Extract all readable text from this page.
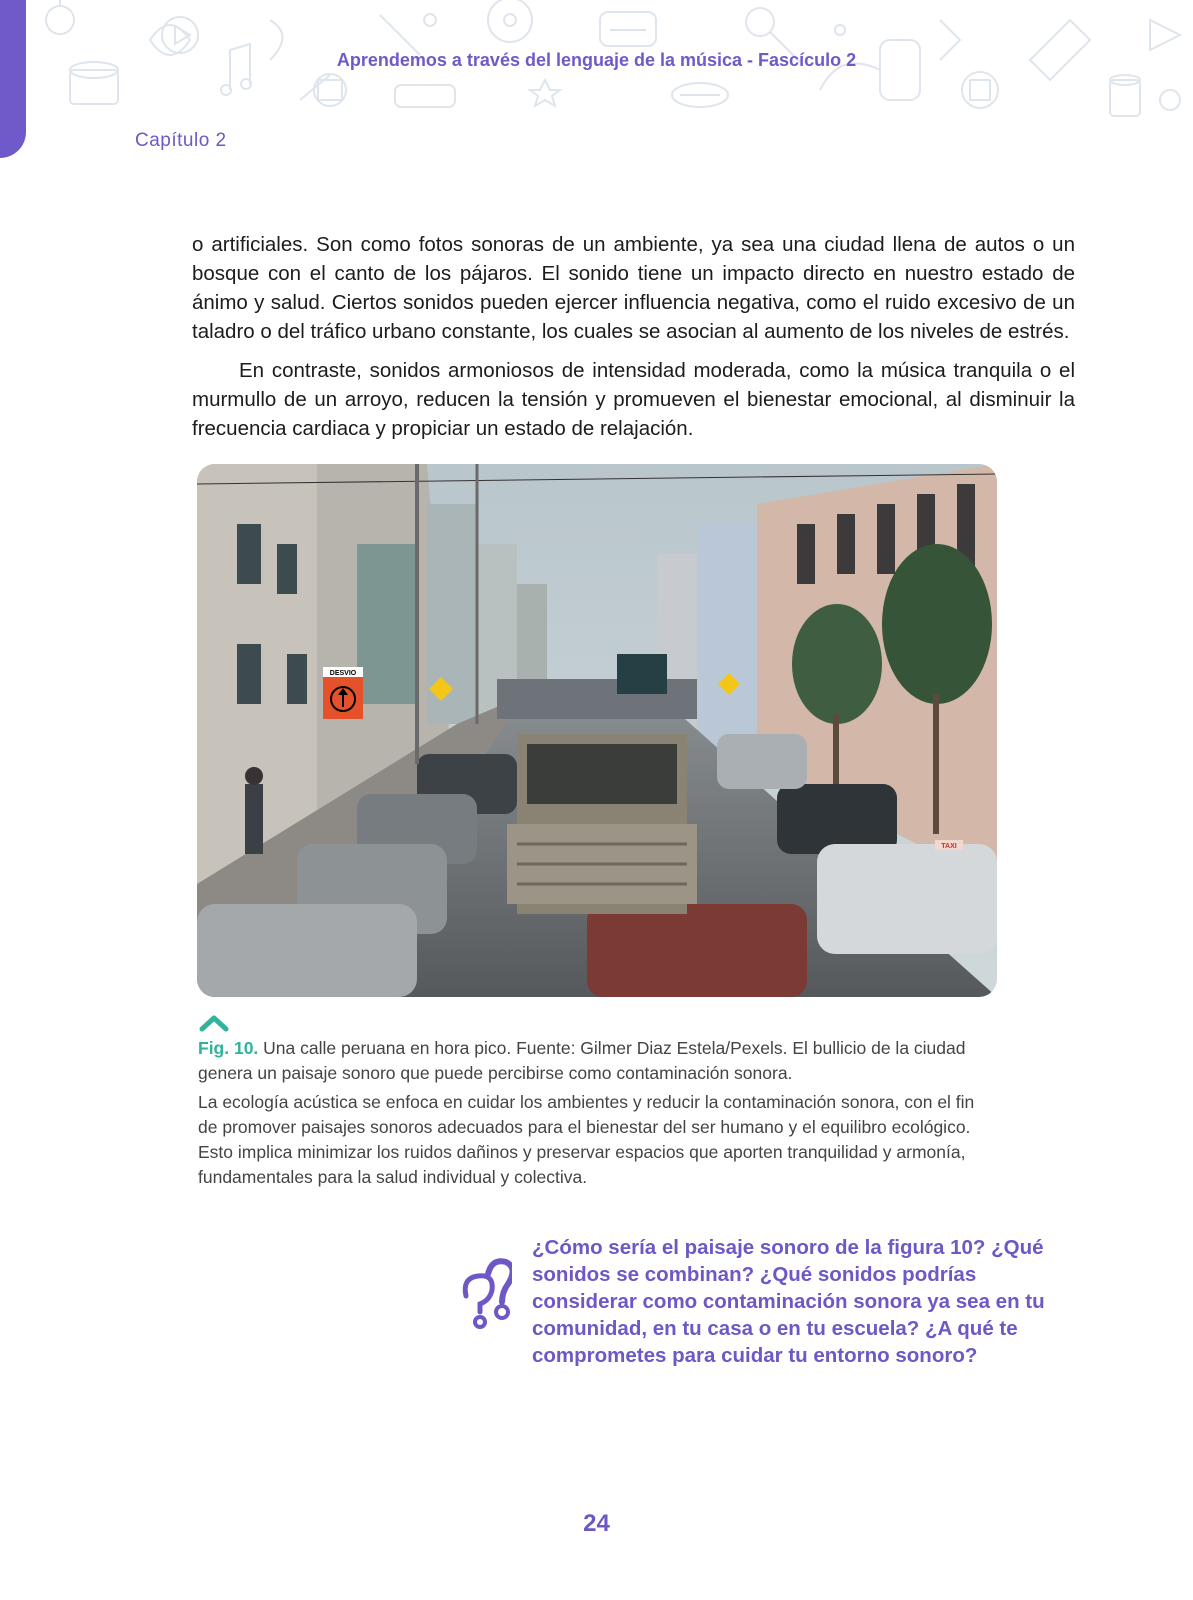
Aprendemos a través del lenguaje de la música - Fascículo 2
Capítulo 2

o artificiales. Son como fotos sonoras de un ambiente, ya sea una ciudad llena de autos o un bosque con el canto de los pájaros. El sonido tiene un impacto directo en nuestro estado de ánimo y salud. Ciertos sonidos pueden ejercer influencia negativa, como el ruido excesivo de un taladro o del tráfico urbano constante, los cuales se asocian al aumento de los niveles de estrés.

En contraste, sonidos armoniosos de intensidad moderada, como la música tranquila o el murmullo de un arroyo, reducen la tensión y promueven el bienestar emocional, al disminuir la frecuencia cardiaca y propiciar un estado de relajación.

DESVIO
TAXI

Fig. 10. Una calle peruana en hora pico. Fuente: Gilmer Diaz Estela/Pexels. El bullicio de la ciudad genera un paisaje sonoro que puede percibirse como contaminación sonora.

La ecología acústica se enfoca en cuidar los ambientes y reducir la contaminación sonora, con el fin de promover paisajes sonoros adecuados para el bienestar del ser humano y el equilibro ecológico. Esto implica minimizar los ruidos dañinos y preservar espacios que aporten tranquilidad y armonía, fundamentales para la salud individual y colectiva.

¿Cómo sería el paisaje sonoro de la figura 10? ¿Qué sonidos se combinan? ¿Qué sonidos podrías considerar como contaminación sonora ya sea en tu comunidad, en tu casa o en tu escuela? ¿A qué te comprometes para cuidar tu entorno sonoro?

24
